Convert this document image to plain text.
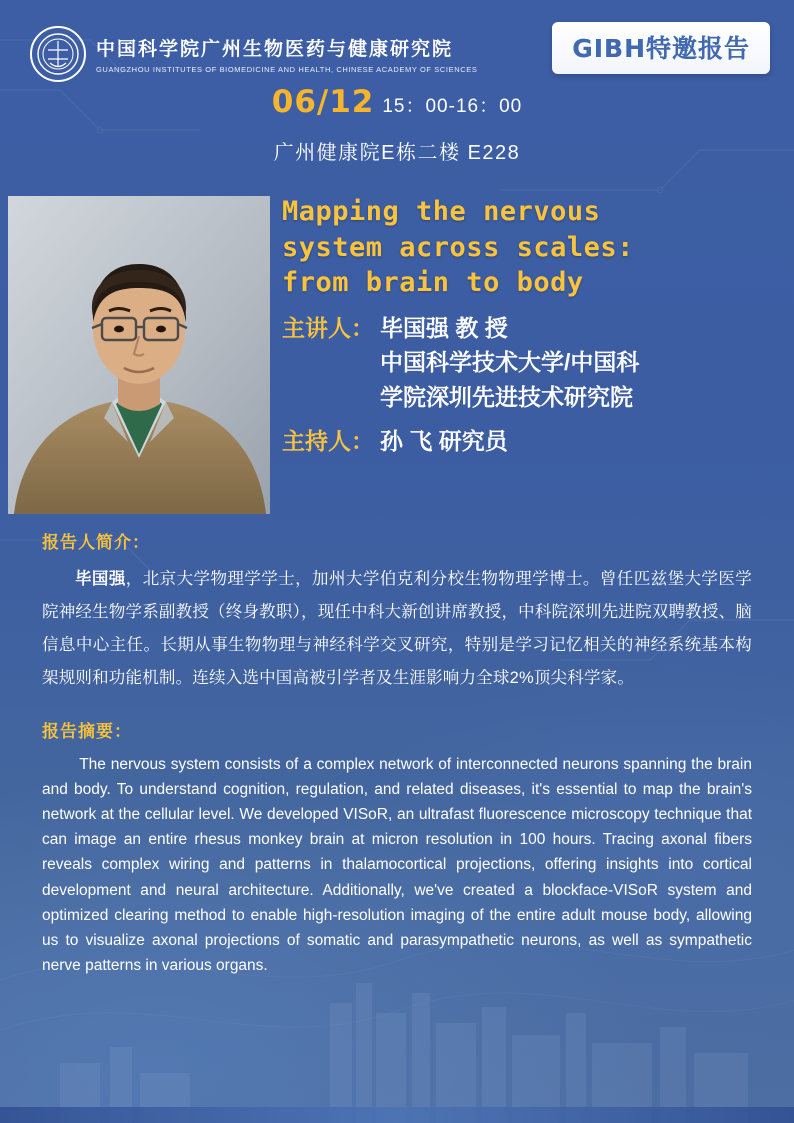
中国科学院广州生物医药与健康研究院
GUANGZHOU INSTITUTES OF BIOMEDICINE AND HEALTH, CHINESE ACADEMY OF SCIENCES
GIBH特邀报告
06/12 15：00-16：00
广州健康院E栋二楼 E228
Mapping the nervous
system across scales:
from brain to body
主讲人： 毕国强 教 授
中国科学技术大学/中国科
学院深圳先进技术研究院
主持人： 孙 飞 研究员
报告人简介：
毕国强，北京大学物理学学士，加州大学伯克利分校生物物理学博士。曾任匹兹堡大学医学院神经生物学系副教授（终身教职），现任中科大新创讲席教授，中科院深圳先进院双聘教授、脑信息中心主任。长期从事生物物理与神经科学交叉研究，特别是学习记忆相关的神经系统基本构架规则和功能机制。连续入选中国高被引学者及生涯影响力全球2%顶尖科学家。
报告摘要：
The nervous system consists of a complex network of interconnected neurons spanning the brain and body. To understand cognition, regulation, and related diseases, it's essential to map the brain's network at the cellular level. We developed VISoR, an ultrafast fluorescence microscopy technique that can image an entire rhesus monkey brain at micron resolution in 100 hours. Tracing axonal fibers reveals complex wiring and patterns in thalamocortical projections, offering insights into cortical development and neural architecture. Additionally, we've created a blockface-VISoR system and optimized clearing method to enable high-resolution imaging of the entire adult mouse body, allowing us to visualize axonal projections of somatic and parasympathetic neurons, as well as sympathetic nerve patterns in various organs.
